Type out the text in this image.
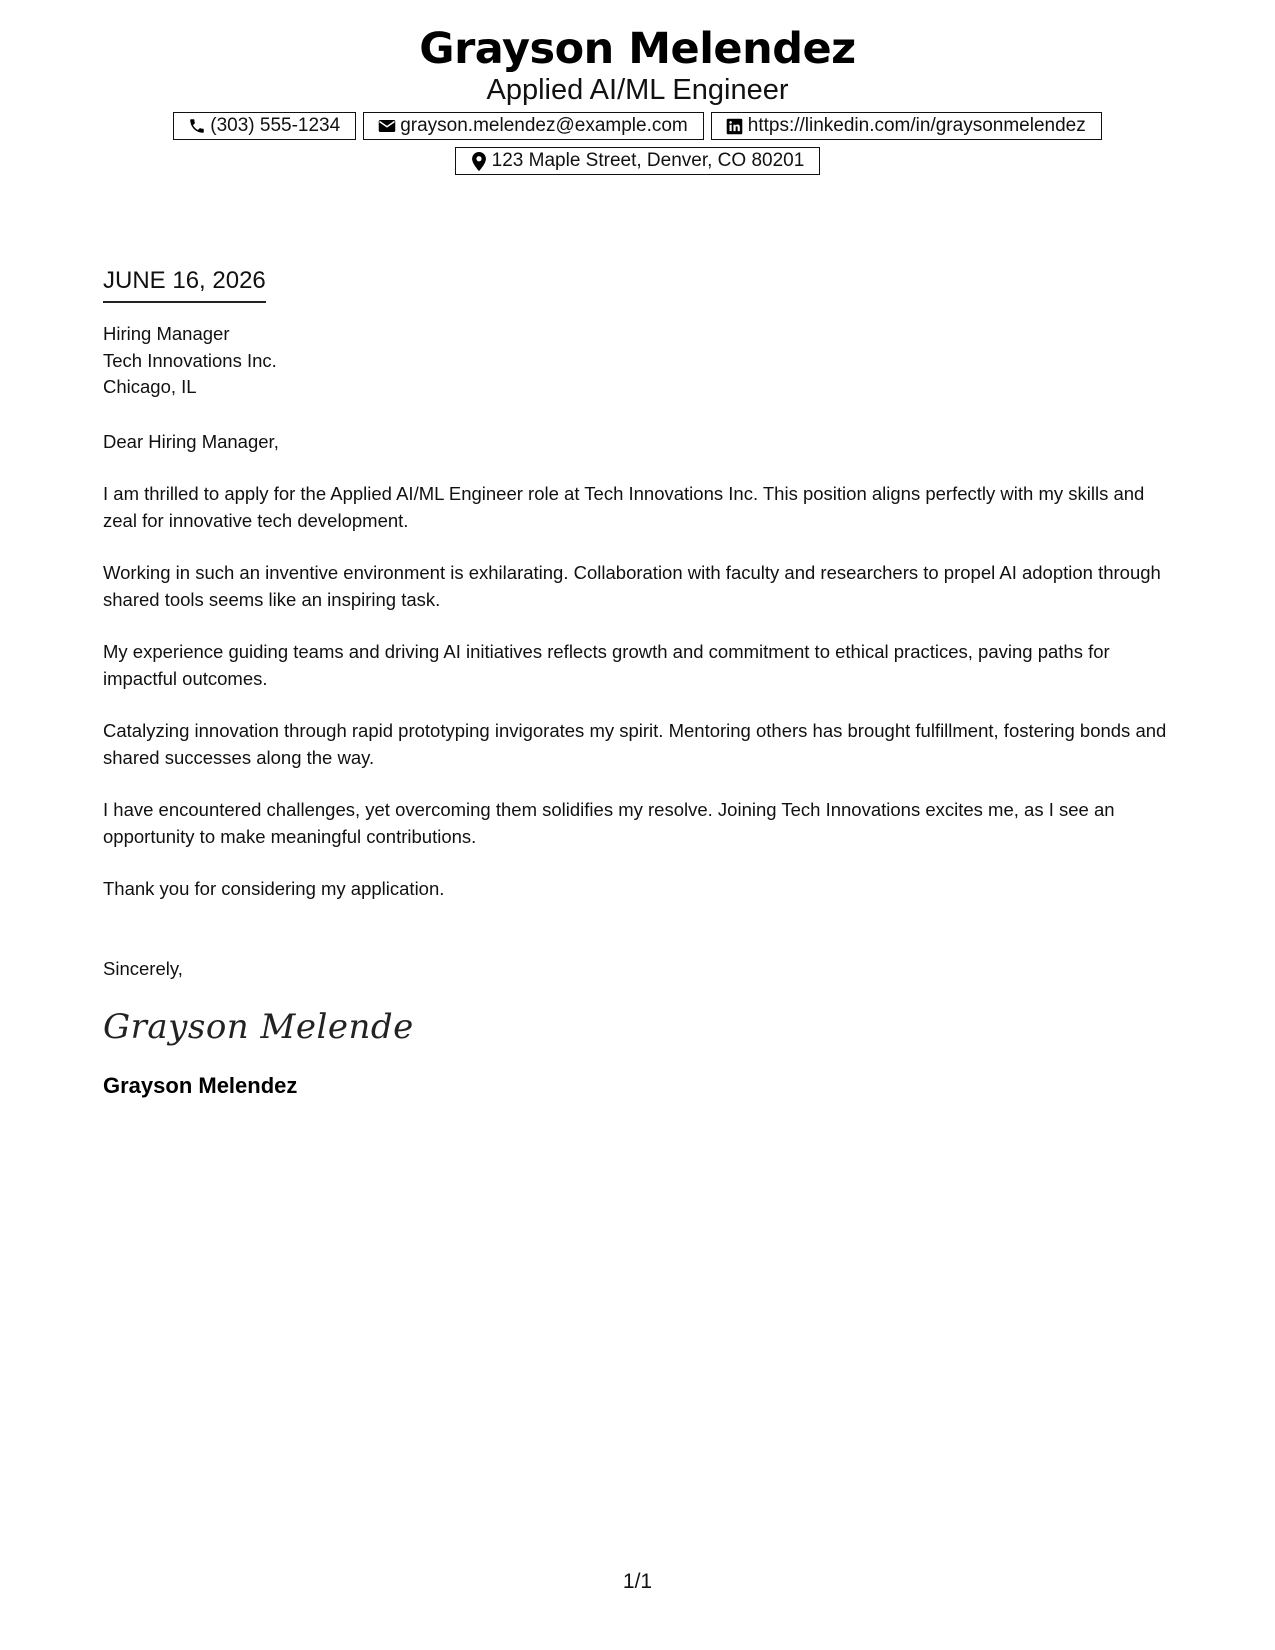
Grayson Melendez
Applied AI/ML Engineer
(303) 555-1234	grayson.melendez@example.com	https://linkedin.com/in/graysonmelendez
123 Maple Street, Denver, CO 80201
JUNE 16, 2026
Hiring Manager
Tech Innovations Inc.
Chicago, IL
Dear Hiring Manager,
I am thrilled to apply for the Applied AI/ML Engineer role at Tech Innovations Inc. This position aligns perfectly with my skills and zeal for innovative tech development.
Working in such an inventive environment is exhilarating. Collaboration with faculty and researchers to propel AI adoption through shared tools seems like an inspiring task.
My experience guiding teams and driving AI initiatives reflects growth and commitment to ethical practices, paving paths for impactful outcomes.
Catalyzing innovation through rapid prototyping invigorates my spirit. Mentoring others has brought fulfillment, fostering bonds and shared successes along the way.
I have encountered challenges, yet overcoming them solidifies my resolve. Joining Tech Innovations excites me, as I see an opportunity to make meaningful contributions.
Thank you for considering my application.
Sincerely,
Grayson Melende
Grayson Melendez
1/1
